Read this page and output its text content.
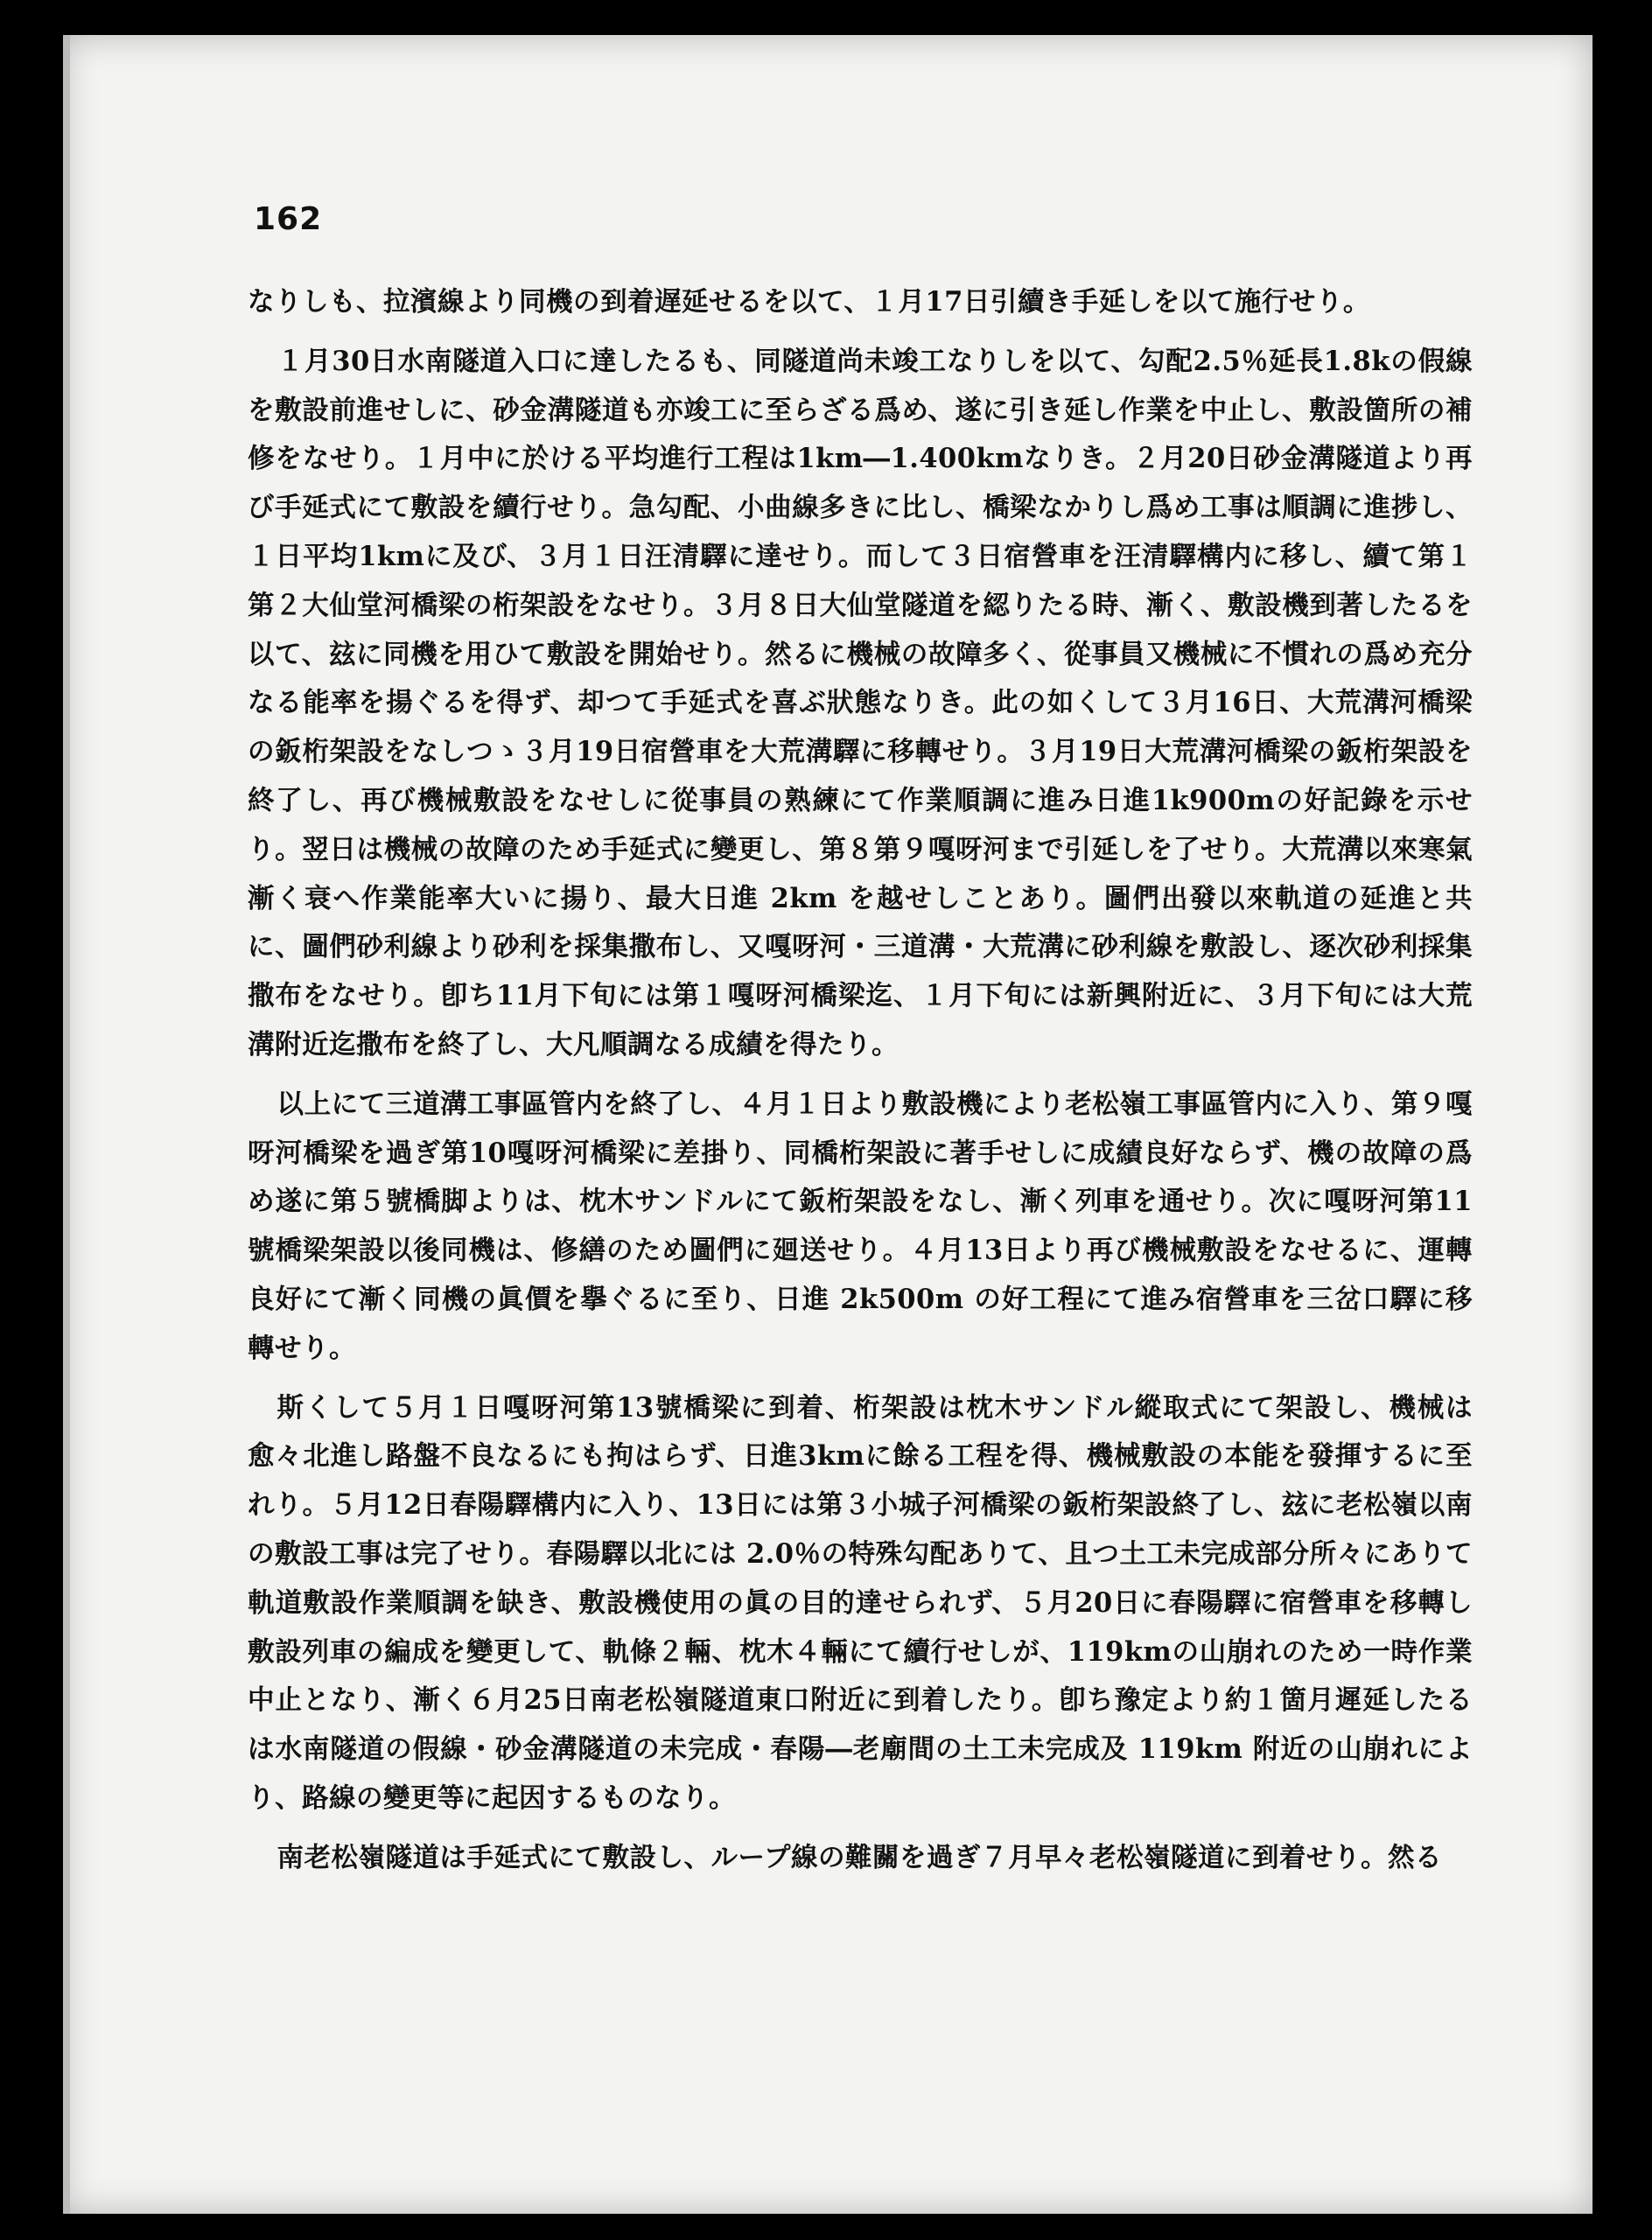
162

なりしも、拉濱線より同機の到着遅延せるを以て、１月17日引續き手延しを以て施行せり。

１月30日水南隧道入口に達したるも、同隧道尚未竣工なりしを以て、勾配2.5％延長1.8kの假線を敷設前進せしに、砂金溝隧道も亦竣工に至らざる爲め、遂に引き延し作業を中止し、敷設箇所の補修をなせり。１月中に於ける平均進行工程は1km―1.400kmなりき。２月20日砂金溝隧道より再び手延式にて敷設を續行せり。急勾配、小曲線多きに比し、橋梁なかりし爲め工事は順調に進捗し、１日平均1kmに及び、３月１日汪清驛に達せり。而して３日宿營車を汪清驛構内に移し、續て第１第２大仙堂河橋梁の桁架設をなせり。３月８日大仙堂隧道を綛りたる時、漸く、敷設機到著したるを以て、玆に同機を用ひて敷設を開始せり。然るに機械の故障多く、從事員又機械に不慣れの爲め充分なる能率を揚ぐるを得ず、却つて手延式を喜ぶ狀態なりき。此の如くして３月16日、大荒溝河橋梁の鈑桁架設をなしつゝ３月19日宿營車を大荒溝驛に移轉せり。３月19日大荒溝河橋梁の鈑桁架設を終了し、再び機械敷設をなせしに從事員の熟練にて作業順調に進み日進1k900mの好記錄を示せり。翌日は機械の故障のため手延式に變更し、第８第９嘎呀河まで引延しを了せり。大荒溝以來寒氣漸く衰へ作業能率大いに揚り、最大日進 2km を越せしことあり。圖們出發以來軌道の延進と共に、圖們砂利線より砂利を採集撒布し、又嘎呀河・三道溝・大荒溝に砂利線を敷設し、逐次砂利採集撒布をなせり。卽ち11月下旬には第１嘎呀河橋梁迄、１月下旬には新興附近に、３月下旬には大荒溝附近迄撒布を終了し、大凡順調なる成績を得たり。

以上にて三道溝工事區管内を終了し、４月１日より敷設機により老松嶺工事區管内に入り、第９嘎呀河橋梁を過ぎ第10嘎呀河橋梁に差掛り、同橋桁架設に著手せしに成績良好ならず、機の故障の爲め遂に第５號橋脚よりは、枕木サンドルにて鈑桁架設をなし、漸く列車を通せり。次に嘎呀河第11號橋梁架設以後同機は、修繕のため圖們に廻送せり。４月13日より再び機械敷設をなせるに、運轉良好にて漸く同機の眞價を擧ぐるに至り、日進 2k500m の好工程にて進み宿營車を三岔口驛に移轉せり。

斯くして５月１日嘎呀河第13號橋梁に到着、桁架設は枕木サンドル縱取式にて架設し、機械は愈々北進し路盤不良なるにも拘はらず、日進3kmに餘る工程を得、機械敷設の本能を發揮するに至れり。５月12日春陽驛構内に入り、13日には第３小城子河橋梁の鈑桁架設終了し、玆に老松嶺以南の敷設工事は完了せり。春陽驛以北には 2.0％の特殊勾配ありて、且つ土工未完成部分所々にありて軌道敷設作業順調を缺き、敷設機使用の眞の目的達せられず、５月20日に春陽驛に宿營車を移轉し敷設列車の編成を變更して、軌條２輛、枕木４輛にて續行せしが、119kmの山崩れのため一時作業中止となり、漸く６月25日南老松嶺隧道東口附近に到着したり。卽ち豫定より約１箇月遲延したるは水南隧道の假線・砂金溝隧道の未完成・春陽―老廟間の土工未完成及 119km 附近の山崩れにより、路線の變更等に起因するものなり。

南老松嶺隧道は手延式にて敷設し、ループ線の難關を過ぎ７月早々老松嶺隧道に到着せり。然る
